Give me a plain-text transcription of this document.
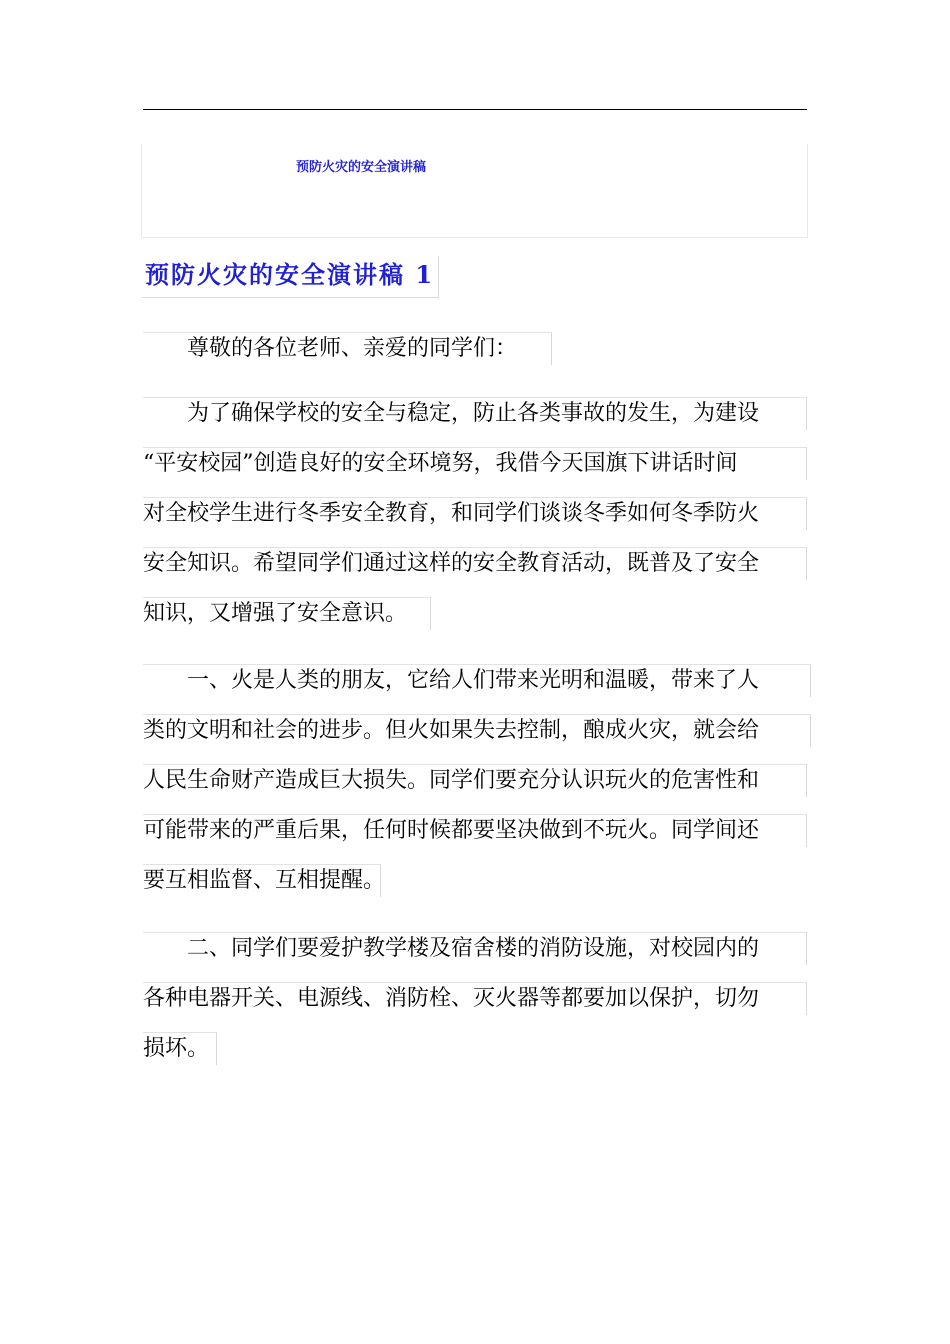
预防火灾的安全演讲稿
预防火灾的安全演讲稿 1
　　尊敬的各位老师、亲爱的同学们：
　　为了确保学校的安全与稳定，防止各类事故的发生，为建设
“平安校园”创造良好的安全环境努，我借今天国旗下讲话时间
对全校学生进行冬季安全教育，和同学们谈谈冬季如何冬季防火
安全知识。希望同学们通过这样的安全教育活动，既普及了安全
知识，又增强了安全意识。
　　一、火是人类的朋友，它给人们带来光明和温暖，带来了人
类的文明和社会的进步。但火如果失去控制，酿成火灾，就会给
人民生命财产造成巨大损失。同学们要充分认识玩火的危害性和
可能带来的严重后果，任何时候都要坚决做到不玩火。同学间还
要互相监督、互相提醒。
　　二、同学们要爱护教学楼及宿舍楼的消防设施，对校园内的
各种电器开关、电源线、消防栓、灭火器等都要加以保护，切勿
损坏。
